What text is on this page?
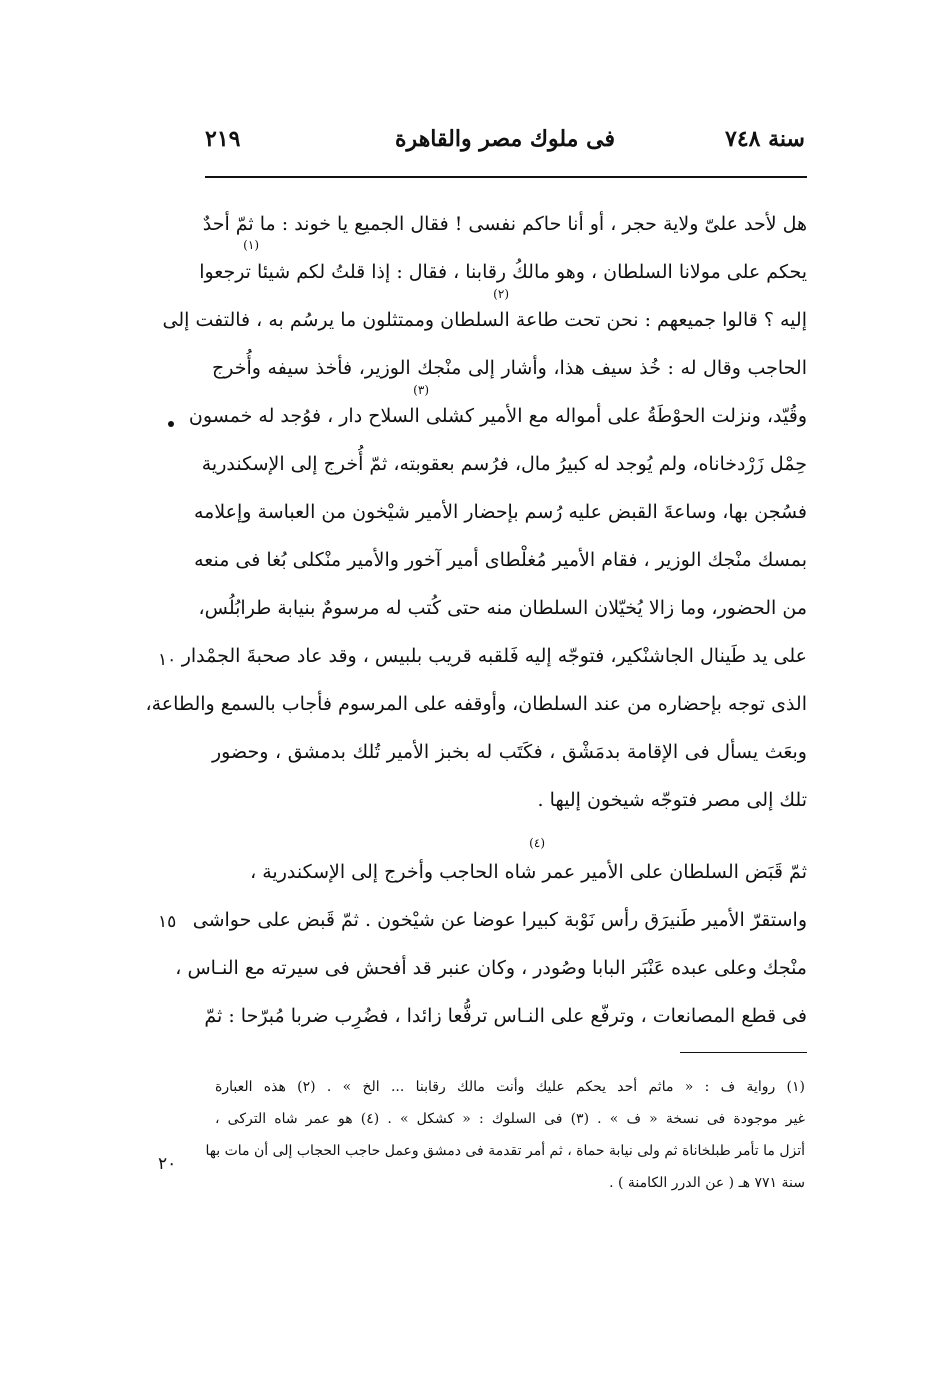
سنة ٧٤٨
فى ملوك مصر والقاهرة
٢١٩
١٠
١٥
٢٠
هل لأحد علىّ ولاية حجر ، أو أنا حاكم نفسى ! فقال الجميع يا خوند : ما ثمّ أحدٌ
يحكم على مولانا السلطان ، وهو مالكُ رقابنا ، فقال : إذا قلتُ لكم شيئا ترجعوا
إليه ؟ قالوا جميعهم : نحن تحت طاعة السلطان وممتثلون ما يرسُم به ، فالتفت إلى
الحاجب وقال له : خُذ سيف هذا، وأشار إلى منْجك الوزير، فأخذ سيفه وأُخرج
وقُيّد، ونزلت الحوْطَةُ على أمواله مع الأمير كشلى السلاح دار ، فوُجد له خمسون
حِمْل زَرْدخاناه، ولم يُوجد له كبيرُ مال، فرُسم بعقوبته، ثمّ أُخرج إلى الإسكندرية
فسُجن بها، وساعةَ القبض عليه رُسم بإحضار الأمير شيْخون من العباسة وإعلامه
بمسك منْجك الوزير ، فقام الأمير مُغلْطاى أمير آخور والأمير منْكلى بُغا فى منعه
من الحضور، وما زالا يُخيّلان السلطان منه حتى كُتب له مرسومٌ بنيابة طرابُلُس،
على يد طَينال الجاشنْكير، فتوجّه إليه فَلقبه قريب بلبيس ، وقد عاد صحبةَ الجمْدار
الذى توجه بإحضاره من عند السلطان، وأوقفه على المرسوم فأجاب بالسمع والطاعة،
وبعَث يسأل فى الإقامة بدمَشْق ، فكَتَب له بخبز الأمير تُلك بدمشق ، وحضور
تلك إلى مصر فتوجّه شيخون إليها .
(١)
(٢)
(٣)
ثمّ قَبَض السلطان على الأمير عمر شاه الحاجب وأخرج إلى الإسكندرية ،
واستقرّ الأمير طَنيرَق رأس نَوْبة كبيرا عوضا عن شيْخون . ثمّ قَبض على حواشى
منْجك وعلى عبده عَنْبَر البابا وصُودر ، وكان عنبر قد أفحش فى سيرته مع النـاس ،
فى قطع المصانعات ، وترفّع على النـاس ترفُّعا زائدا ، فضُرِب ضربا مُبرّحا : ثمّ
(٤)
(١) رواية ف : « ماثم أحد يحكم عليك وأنت مالك رقابنا ... الخ » . (٢) هذه العبارة
غير موجودة فى نسخة « ف » . (٣) فى السلوك : « كشكل » . (٤) هو عمر شاه التركى ،
أتزل ما تأمر طبلخاناة ثم ولى نيابة حماة ، ثم أمر تقدمة فى دمشق وعمل حاجب الحجاب إلى أن مات بها
سنة ٧٧١ هـ ( عن الدرر الكامنة ) .
